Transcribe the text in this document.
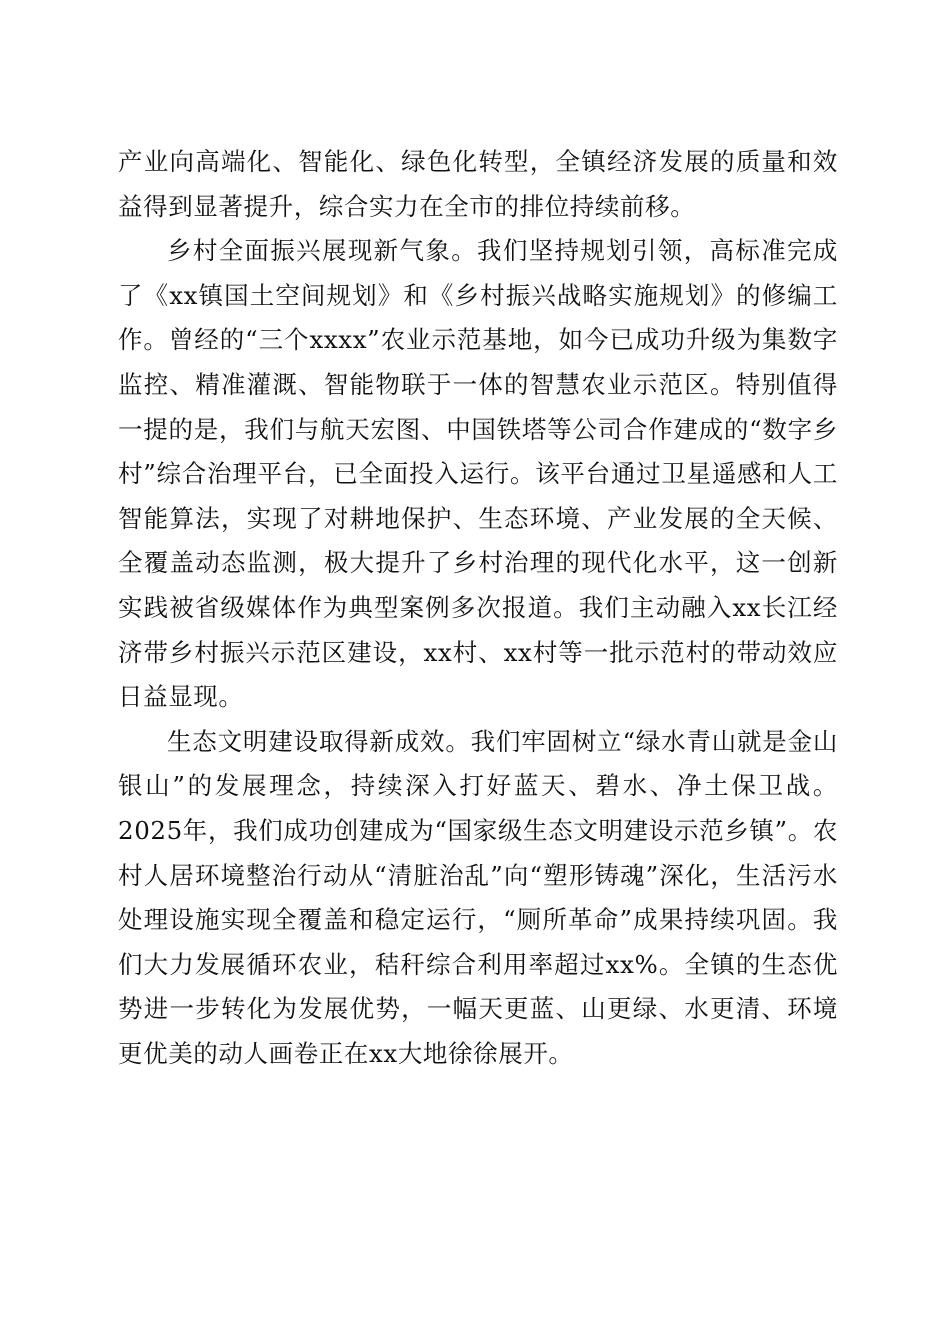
产业向高端化、智能化、绿色化转型，全镇经济发展的质量和效益得到显著提升，综合实力在全市的排位持续前移。

乡村全面振兴展现新气象。我们坚持规划引领，高标准完成了《xx镇国土空间规划》和《乡村振兴战略实施规划》的修编工作。曾经的“三个xxxx”农业示范基地，如今已成功升级为集数字监控、精准灌溉、智能物联于一体的智慧农业示范区。特别值得一提的是，我们与航天宏图、中国铁塔等公司合作建成的“数字乡村”综合治理平台，已全面投入运行。该平台通过卫星遥感和人工智能算法，实现了对耕地保护、生态环境、产业发展的全天候、全覆盖动态监测，极大提升了乡村治理的现代化水平，这一创新实践被省级媒体作为典型案例多次报道。我们主动融入xx长江经济带乡村振兴示范区建设，xx村、xx村等一批示范村的带动效应日益显现。

生态文明建设取得新成效。我们牢固树立“绿水青山就是金山银山”的发展理念，持续深入打好蓝天、碧水、净土保卫战。2025年，我们成功创建成为“国家级生态文明建设示范乡镇”。农村人居环境整治行动从“清脏治乱”向“塑形铸魂”深化，生活污水处理设施实现全覆盖和稳定运行，“厕所革命”成果持续巩固。我们大力发展循环农业，秸秆综合利用率超过xx%。全镇的生态优势进一步转化为发展优势，一幅天更蓝、山更绿、水更清、环境更优美的动人画卷正在xx大地徐徐展开。
